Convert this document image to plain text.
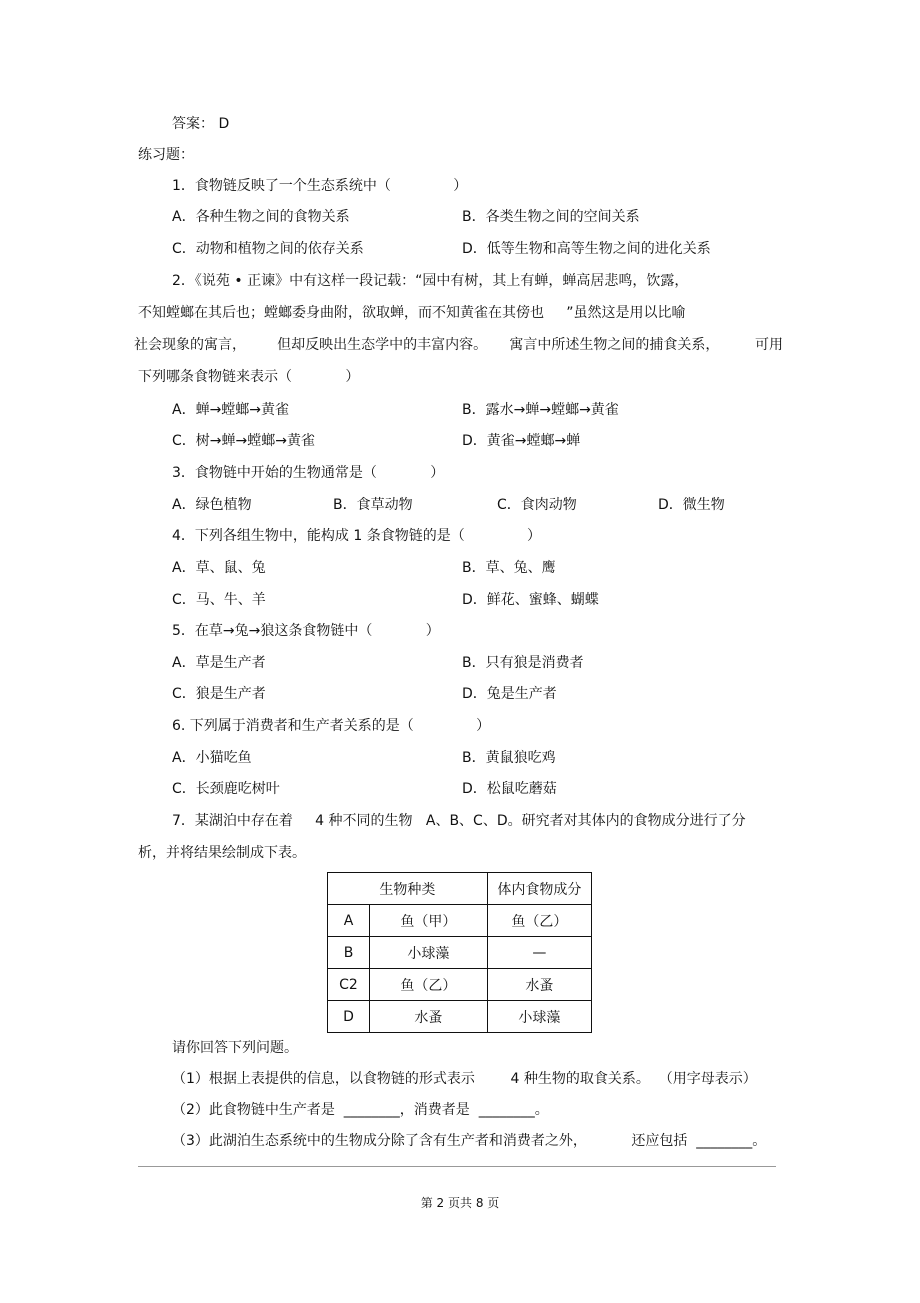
答案： D
练习题：
1．食物链反映了一个生态系统中（              ）
A．各种生物之间的食物关系	B．各类生物之间的空间关系
C．动物和植物之间的依存关系	D．低等生物和高等生物之间的进化关系
2．《说苑 • 正谏》中有这样一段记载：“园中有树，其上有蝉，蝉高居悲鸣，饮露，
不知螳螂在其后也；螳螂委身曲附，欲取蝉，而不知黄雀在其傍也     ”虽然这是用以比喻
社会现象的寓言，       但却反映出生态学中的丰富内容。     寓言中所述生物之间的捕食关系，        可用
下列哪条食物链来表示（            ）
A．蝉→螳螂→黄雀	B．露水→蝉→螳螂→黄雀
C．树→蝉→螳螂→黄雀	D．黄雀→螳螂→蝉
3．食物链中开始的生物通常是（            ）
A．绿色植物	B．食草动物	C．食肉动物	D．微生物
4．下列各组生物中，能构成 1 条食物链的是（              ）
A．草、鼠、兔	B．草、兔、鹰
C．马、牛、羊	D．鲜花、蜜蜂、蝴蝶
5．在草→兔→狼这条食物链中（            ）
A．草是生产者	B．只有狼是消费者
C．狼是生产者	D．兔是生产者
6. 下列属于消费者和生产者关系的是（              ）
A．小猫吃鱼	B．黄鼠狼吃鸡
C．长颈鹿吃树叶	D．松鼠吃蘑菇
7．某湖泊中存在着     4 种不同的生物   A、B、C、D。研究者对其体内的食物成分进行了分
析，并将结果绘制成下表。
生物种类		体内食物成分
A	鱼（甲）	鱼（乙）
B	小球藻	—
C2	鱼（乙）	水蚤
D	水蚤	小球藻
请你回答下列问题。
（1）根据上表提供的信息，以食物链的形式表示        4 种生物的取食关系。  （用字母表示）
（2）此食物链中生产者是  ________，消费者是  ________。
（3）此湖泊生态系统中的生物成分除了含有生产者和消费者之外，          还应包括  ________。
第 2 页共 8 页
